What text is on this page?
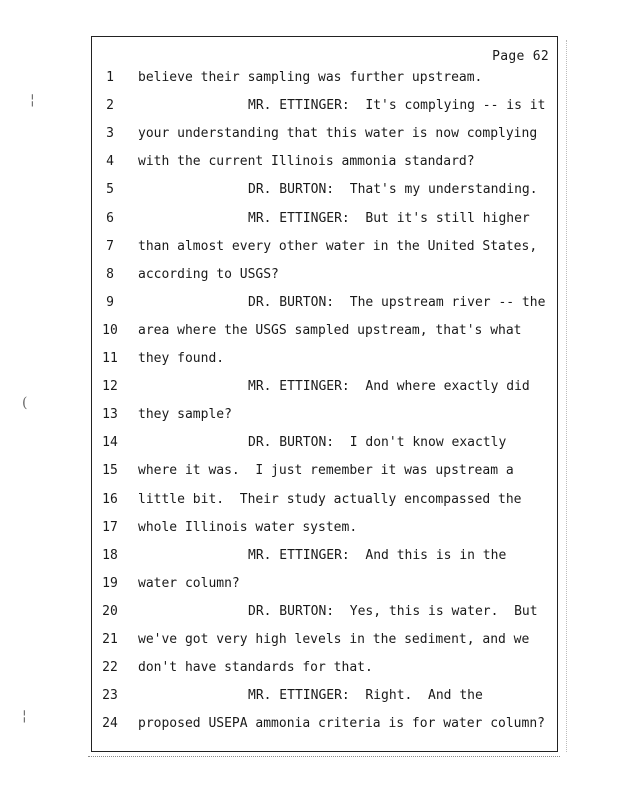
¦
(
¦
Page 62
1	believe their sampling was further upstream.
2	MR. ETTINGER:  It's complying -- is it
3	your understanding that this water is now complying
4	with the current Illinois ammonia standard?
5	DR. BURTON:  That's my understanding.
6	MR. ETTINGER:  But it's still higher
7	than almost every other water in the United States,
8	according to USGS?
9	DR. BURTON:  The upstream river -- the
10	area where the USGS sampled upstream, that's what
11	they found.
12	MR. ETTINGER:  And where exactly did
13	they sample?
14	DR. BURTON:  I don't know exactly
15	where it was.  I just remember it was upstream a
16	little bit.  Their study actually encompassed the
17	whole Illinois water system.
18	MR. ETTINGER:  And this is in the
19	water column?
20	DR. BURTON:  Yes, this is water.  But
21	we've got very high levels in the sediment, and we
22	don't have standards for that.
23	MR. ETTINGER:  Right.  And the
24	proposed USEPA ammonia criteria is for water column?
